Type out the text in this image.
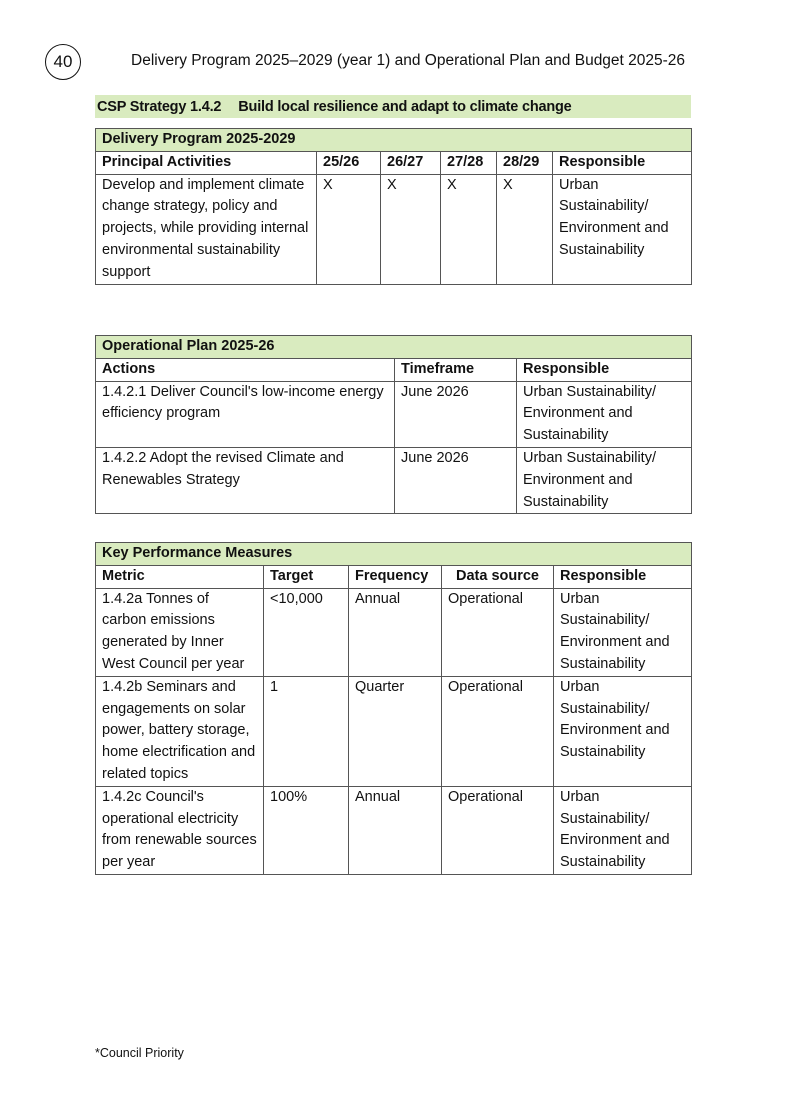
40	Delivery Program 2025–2029 (year 1) and Operational Plan and Budget 2025-26
CSP Strategy 1.4.2 Build local resilience and adapt to climate change
Delivery Program 2025-2029					
Principal Activities	25/26	26/27	27/28	28/29	Responsible
Develop and implement climate change strategy, policy and projects, while providing internal environmental sustainability support	X	X	X	X	Urban Sustainability/ Environment and Sustainability
Operational Plan 2025-26		
Actions	Timeframe	Responsible
1.4.2.1 Deliver Council's low-income energy efficiency program	June 2026	Urban Sustainability/ Environment and Sustainability
1.4.2.2 Adopt the revised Climate and Renewables Strategy	June 2026	Urban Sustainability/ Environment and Sustainability
Key Performance Measures				
Metric	Target	Frequency	Data source	Responsible
1.4.2a Tonnes of carbon emissions generated by Inner West Council per year	<10,000	Annual	Operational	Urban Sustainability/ Environment and Sustainability
1.4.2b Seminars and engagements on solar power, battery storage, home electrification and related topics	1	Quarter	Operational	Urban Sustainability/ Environment and Sustainability
1.4.2c Council's operational electricity from renewable sources per year	100%	Annual	Operational	Urban Sustainability/ Environment and Sustainability
*Council Priority
